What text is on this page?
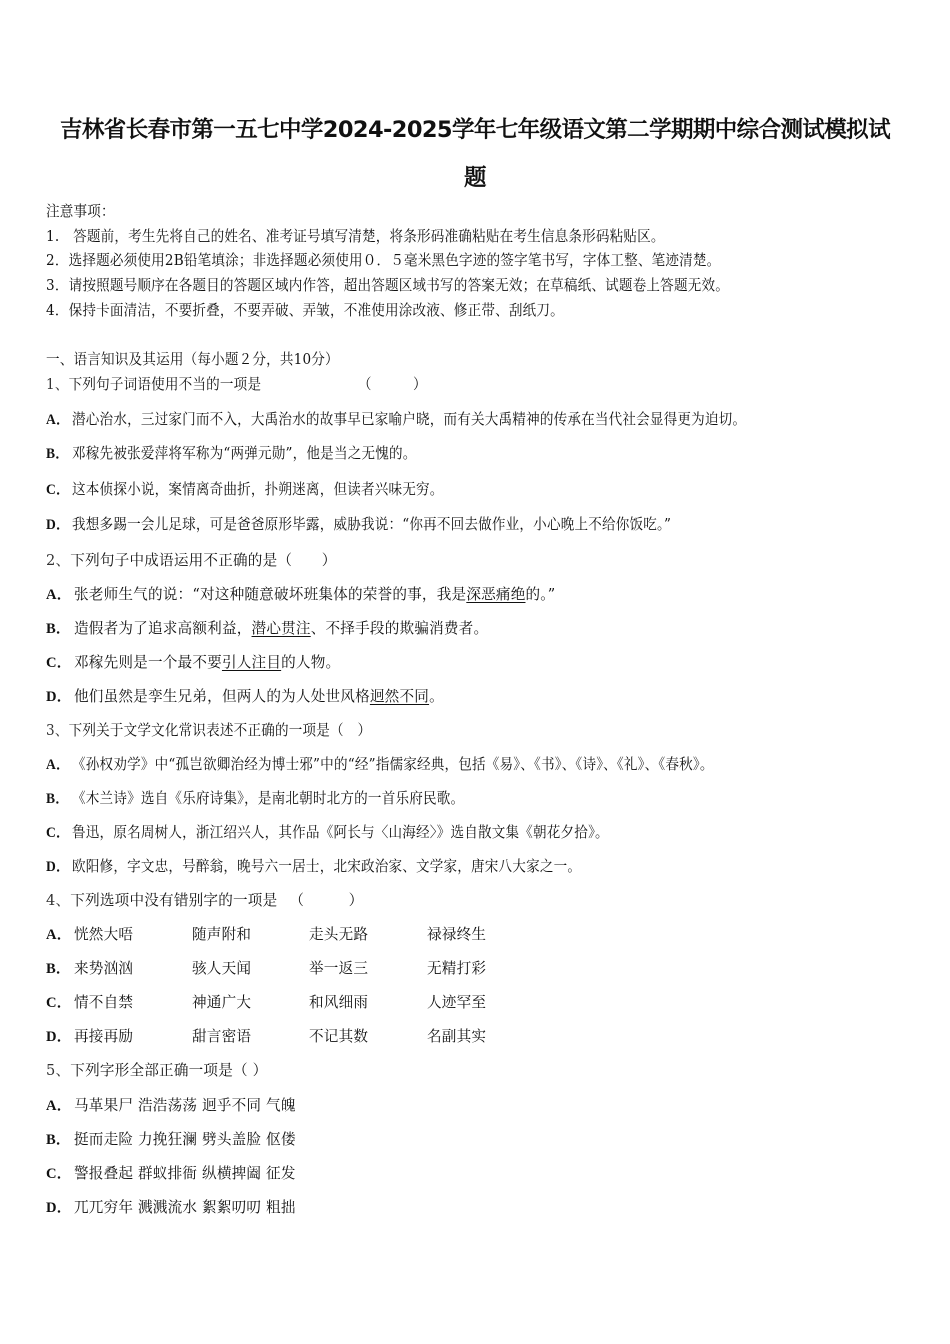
吉林省长春市第一五七中学2024-2025学年七年级语文第二学期期中综合测试模拟试
题
注意事项：
1.　答题前，考生先将自己的姓名、准考证号填写清楚，将条形码准确粘贴在考生信息条形码粘贴区。
2．选择题必须使用2B铅笔填涂；非选择题必须使用０．５毫米黑色字迹的签字笔书写，字体工整、笔迹清楚。
3．请按照题号顺序在各题目的答题区域内作答，超出答题区域书写的答案无效；在草稿纸、试题卷上答题无效。
4．保持卡面清洁，不要折叠，不要弄破、弄皱，不准使用涂改液、修正带、刮纸刀。
一、语言知识及其运用（每小题２分，共10分）
1、下列句子词语使用不当的一项是	（　　　）
A． 潜心治水，三过家门而不入，大禹治水的故事早已家喻户晓，而有关大禹精神的传承在当代社会显得更为迫切。
B． 邓稼先被张爱萍将军称为“两弹元勋”，他是当之无愧的。
C． 这本侦探小说，案情离奇曲折，扑朔迷离，但读者兴味无穷。
D． 我想多踢一会儿足球，可是爸爸原形毕露，威胁我说：“你再不回去做作业，小心晚上不给你饭吃。”
2、下列句子中成语运用不正确的是（　　）
A． 张老师生气的说：“对这种随意破坏班集体的荣誉的事，我是深恶痛绝的。”
B． 造假者为了追求高额利益，潜心贯注、不择手段的欺骗消费者。
C． 邓稼先则是一个最不要引人注目的人物。
D． 他们虽然是孪生兄弟，但两人的为人处世风格迥然不同。
3、下列关于文学文化常识表述不正确的一项是（　）
A． 《孙权劝学》中“孤岂欲卿治经为博士邪”中的“经”指儒家经典，包括《易》、《书》、《诗》、《礼》、《春秋》。
B． 《木兰诗》选自《乐府诗集》，是南北朝时北方的一首乐府民歌。
C． 鲁迅，原名周树人，浙江绍兴人，其作品《阿长与〈山海经〉》选自散文集《朝花夕拾》。
D． 欧阳修，字文忠，号醉翁，晚号六一居士，北宋政治家、文学家，唐宋八大家之一。
4、下列选项中没有错别字的一项是 （　　　）
A． 恍然大唔	随声附和	走头无路	禄禄终生
B． 来势汹汹	骇人天闻	举一返三	无精打彩
C． 情不自禁	神通广大	和风细雨	人迹罕至
D． 再接再励	甜言密语	不记其数	名副其实
5、下列字形全部正确一项是（ ）
A． 马革果尸 浩浩荡荡 迥乎不同 气魄
B． 挺而走险 力挽狂澜 劈头盖脸 伛偻
C． 警报叠起 群蚁排衙 纵横捭阖 征发
D． 兀兀穷年 溅溅流水 絮絮叨叨 粗拙
